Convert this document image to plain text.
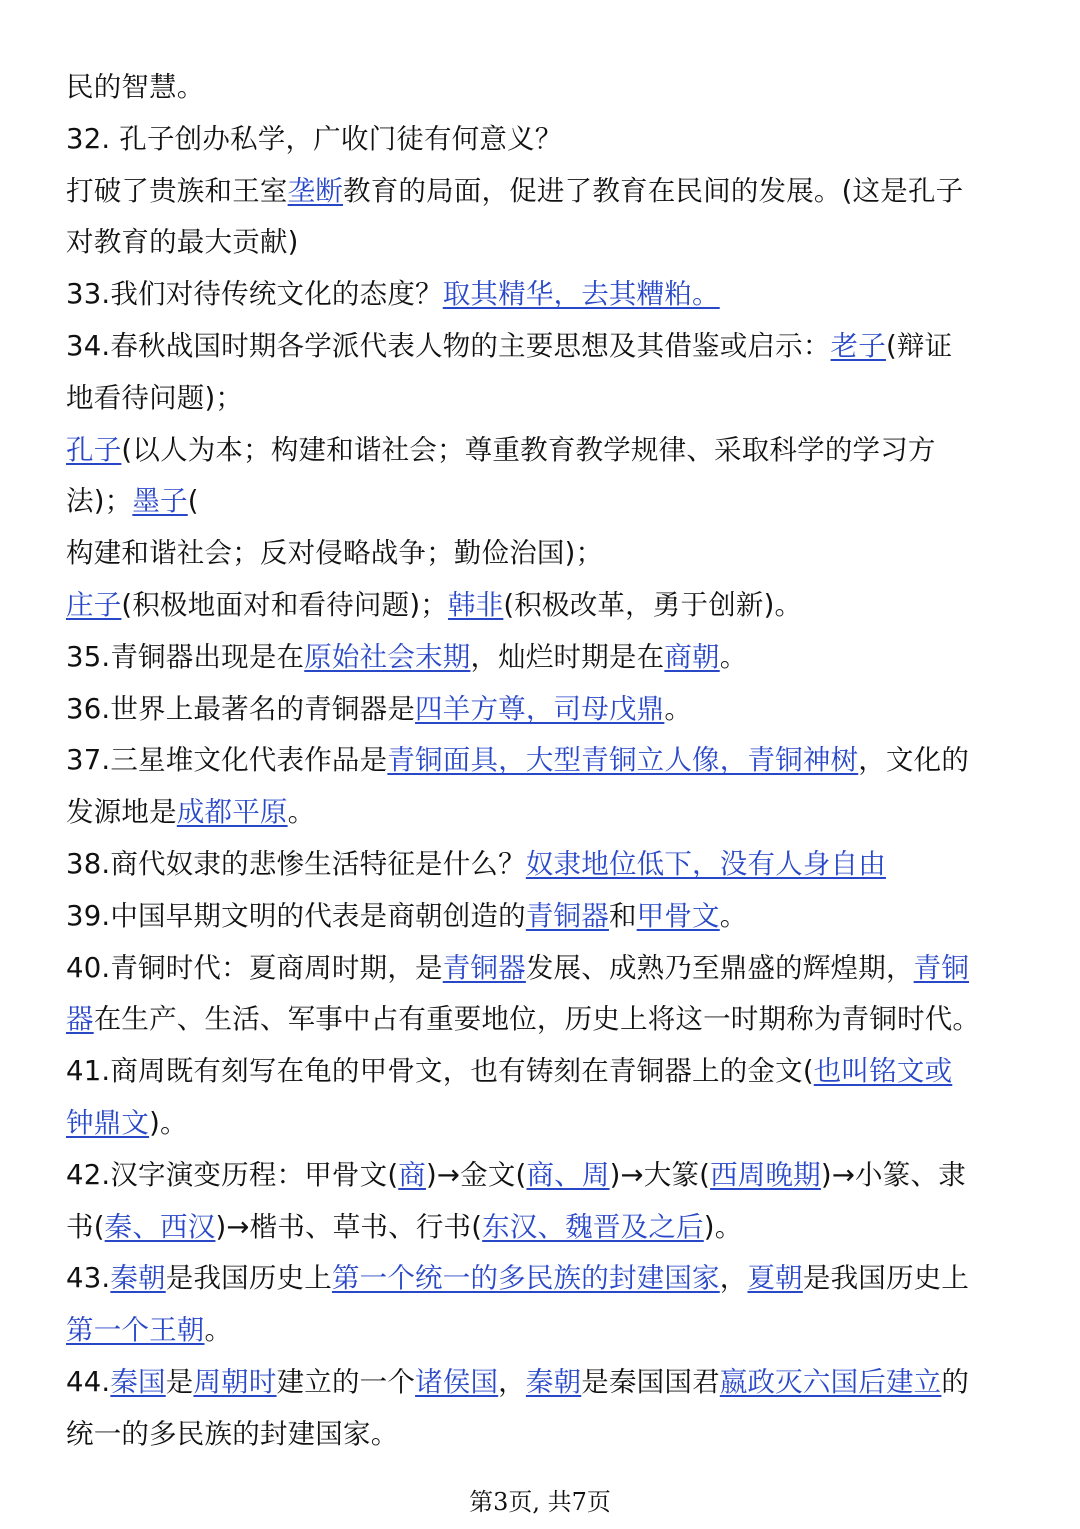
民的智慧。
32. 孔子创办私学，广收门徒有何意义？
打破了贵族和王室垄断教育的局面，促进了教育在民间的发展。(这是孔子
对教育的最大贡献)
33.我们对待传统文化的态度？取其精华，去其糟粕。
34.春秋战国时期各学派代表人物的主要思想及其借鉴或启示：老子(辩证
地看待问题)；
孔子(以人为本；构建和谐社会；尊重教育教学规律、采取科学的学习方
法)；墨子(
构建和谐社会；反对侵略战争；勤俭治国)；
庄子(积极地面对和看待问题)；韩非(积极改革，勇于创新)。
35.青铜器出现是在原始社会末期，灿烂时期是在商朝。
36.世界上最著名的青铜器是四羊方尊，司母戊鼎。
37.三星堆文化代表作品是青铜面具，大型青铜立人像，青铜神树，文化的
发源地是成都平原。
38.商代奴隶的悲惨生活特征是什么？奴隶地位低下，没有人身自由
39.中国早期文明的代表是商朝创造的青铜器和甲骨文。
40.青铜时代：夏商周时期，是青铜器发展、成熟乃至鼎盛的辉煌期，青铜
器在生产、生活、军事中占有重要地位，历史上将这一时期称为青铜时代。
41.商周既有刻写在龟的甲骨文，也有铸刻在青铜器上的金文(也叫铭文或
钟鼎文)。
42.汉字演变历程：甲骨文(商)→金文(商、周)→大篆(西周晚期)→小篆、隶
书(秦、西汉)→楷书、草书、行书(东汉、魏晋及之后)。
43.秦朝是我国历史上第一个统一的多民族的封建国家，夏朝是我国历史上
第一个王朝。
44.秦国是周朝时建立的一个诸侯国，秦朝是秦国国君嬴政灭六国后建立的
统一的多民族的封建国家。
第3页, 共7页
